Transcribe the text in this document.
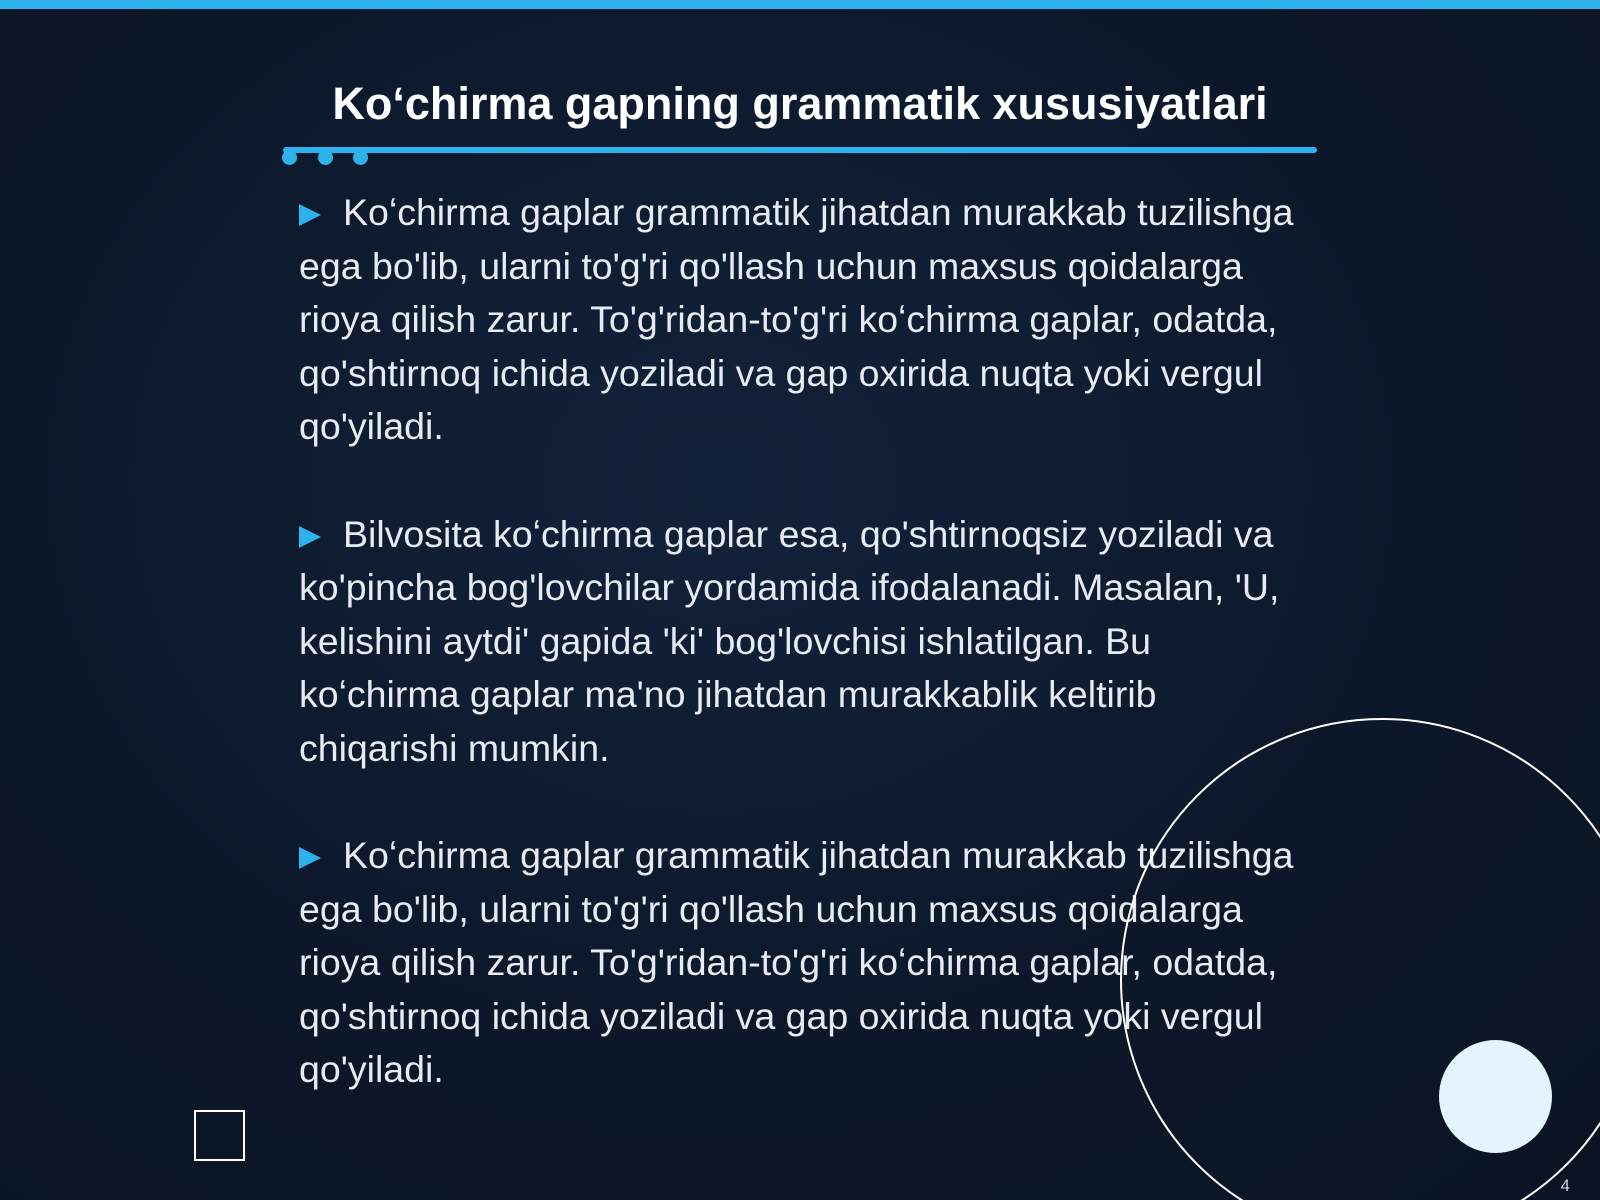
Koʻchirma gapning grammatik xususiyatlari

Koʻchirma gaplar grammatik jihatdan murakkab tuzilishga ega bo'lib, ularni to'g'ri qo'llash uchun maxsus qoidalarga rioya qilish zarur. To'g'ridan-to'g'ri koʻchirma gaplar, odatda, qo'shtirnoq ichida yoziladi va gap oxirida nuqta yoki vergul qo'yiladi.

Bilvosita koʻchirma gaplar esa, qo'shtirnoqsiz yoziladi va ko'pincha bog'lovchilar yordamida ifodalanadi. Masalan, 'U, kelishini aytdi' gapida 'ki' bog'lovchisi ishlatilgan. Bu koʻchirma gaplar ma'no jihatdan murakkablik keltirib chiqarishi mumkin.

Koʻchirma gaplar grammatik jihatdan murakkab tuzilishga ega bo'lib, ularni to'g'ri qo'llash uchun maxsus qoidalarga rioya qilish zarur. To'g'ridan-to'g'ri koʻchirma gaplar, odatda, qo'shtirnoq ichida yoziladi va gap oxirida nuqta yoki vergul qo'yiladi.

4
